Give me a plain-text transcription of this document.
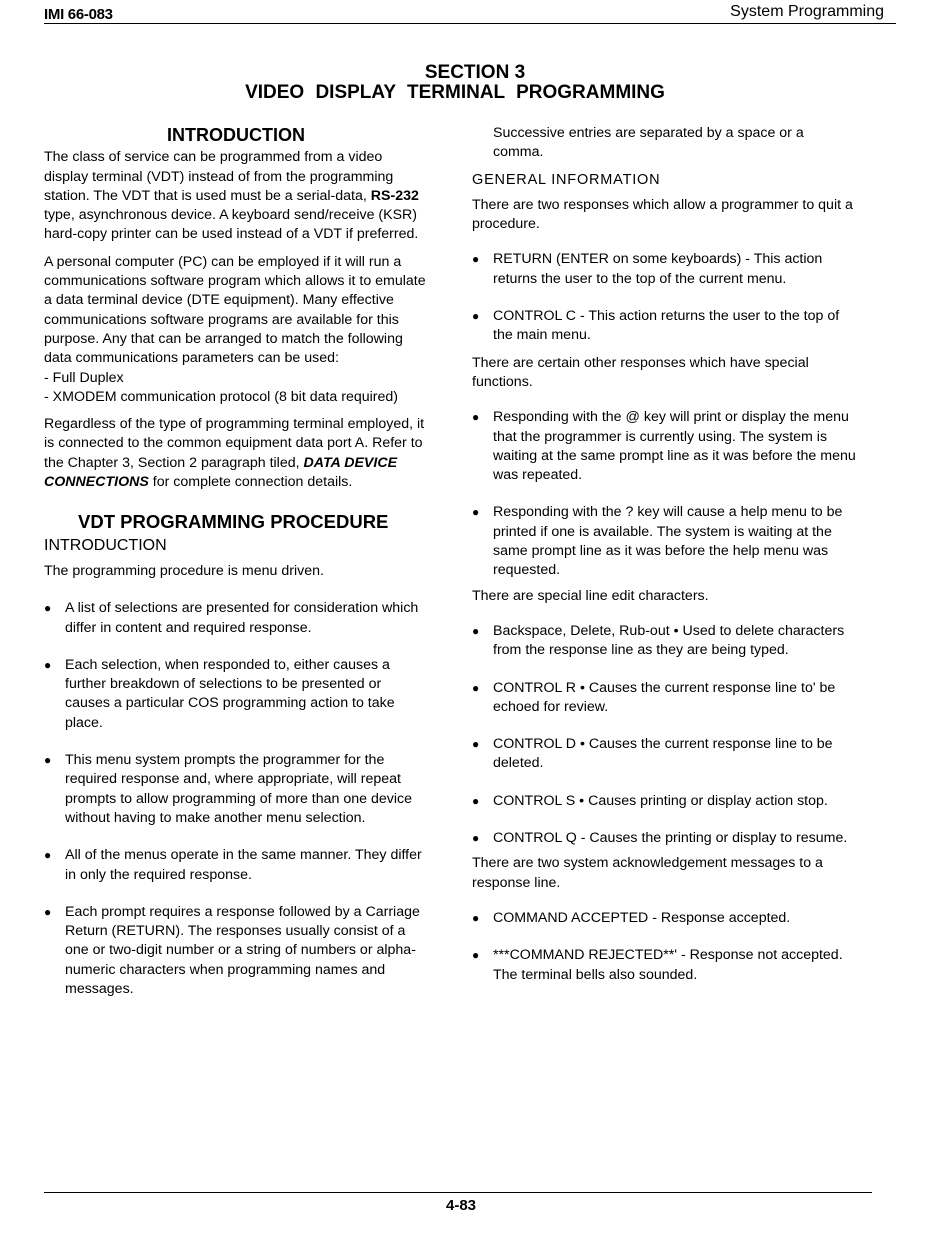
IMI 66-083	System Programming
SECTION 3
VIDEO DISPLAY TERMINAL PROGRAMMING
INTRODUCTION

The class of service can be programmed from a video display terminal (VDT) instead of from the programming station. The VDT that is used must be a serial-data, RS-232 type, asynchronous device. A keyboard send/receive (KSR) hard-copy printer can be used instead of a VDT if preferred.

A personal computer (PC) can be employed if it will run a communications software program which allows it to emulate a data terminal device (DTE equipment). Many effective communications software programs are available for this purpose. Any that can be arranged to match the following data communications parameters can be used:

- Full Duplex
- XMODEM communication protocol (8 bit data required)

Regardless of the type of programming terminal employed, it is connected to the common equipment data port A. Refer to the Chapter 3, Section 2 paragraph tiled, DATA DEVICE CONNECTIONS for complete connection details.

VDT PROGRAMMING PROCEDURE
INTRODUCTION

The programming procedure is menu driven.

● A list of selections are presented for consideration which differ in content and required response.
● Each selection, when responded to, either causes a further breakdown of selections to be presented or causes a particular COS programming action to take place.
● This menu system prompts the programmer for the required response and, where appropriate, will repeat prompts to allow programming of more than one device without having to make another menu selection.
● All of the menus operate in the same manner. They differ in only the required response.
● Each prompt requires a response followed by a Carriage Return (RETURN). The responses usually consist of a one or two-digit number or a string of numbers or alpha-numeric characters when programming names and messages.

Successive entries are separated by a space or a comma.

GENERAL INFORMATION

There are two responses which allow a programmer to quit a procedure.

● RETURN (ENTER on some keyboards) - This action returns the user to the top of the current menu.
● CONTROL C - This action returns the user to the top of the main menu.

There are certain other responses which have special functions.

● Responding with the @ key will print or display the menu that the programmer is currently using. The system is waiting at the same prompt line as it was before the menu was repeated.
● Responding with the ? key will cause a help menu to be printed if one is available. The system is waiting at the same prompt line as it was before the help menu was requested.

There are special line edit characters.

● Backspace, Delete, Rub-out • Used to delete characters from the response line as they are being typed.
● CONTROL R • Causes the current response line to' be echoed for review.
● CONTROL D • Causes the current response line to be deleted.
● CONTROL S • Causes printing or display action stop.
● CONTROL Q - Causes the printing or display to resume.

There are two system acknowledgement messages to a response line.

● COMMAND ACCEPTED - Response accepted.
● ***COMMAND REJECTED**' - Response not accepted. The terminal bells also sounded.
4-83
